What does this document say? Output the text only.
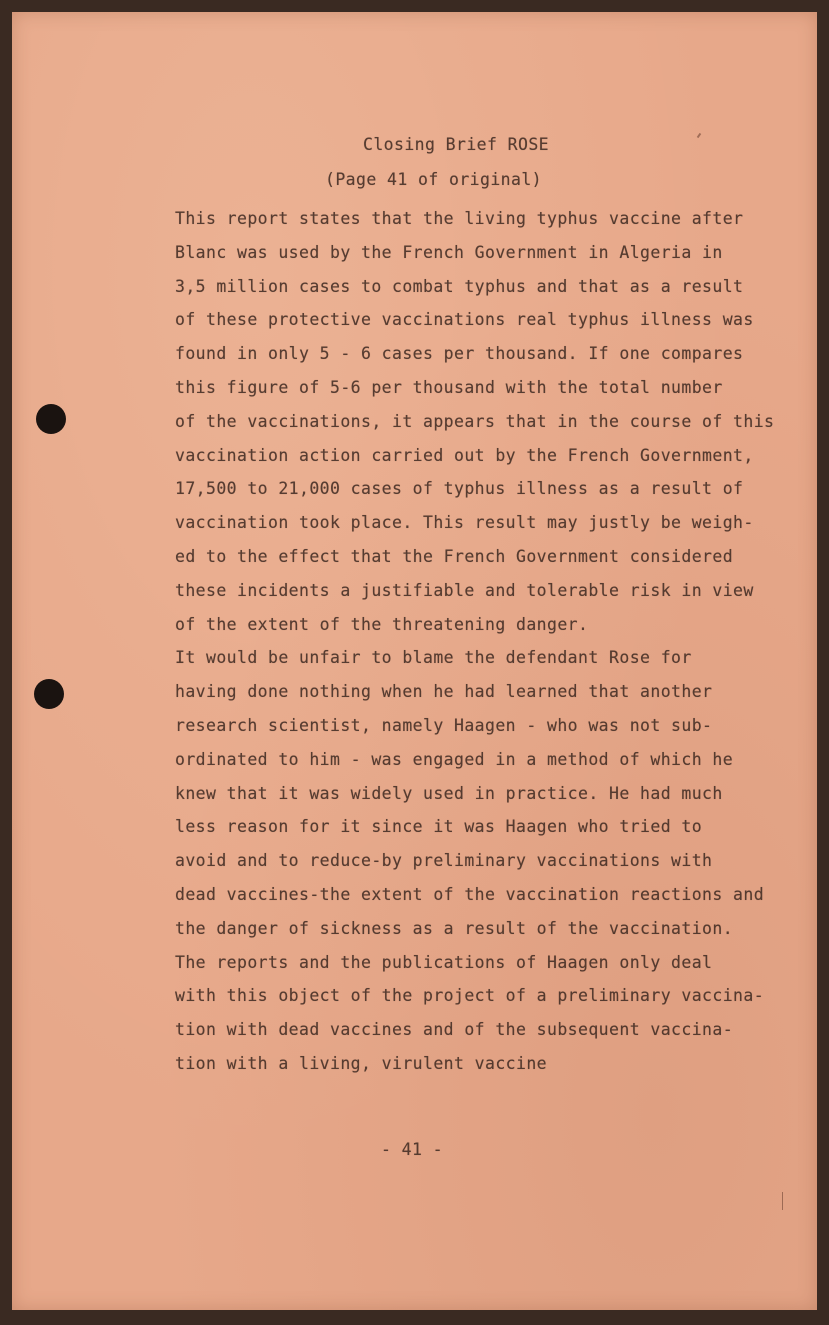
Closing Brief ROSE
(Page 41 of original)
This report states that the living typhus vaccine after
Blanc was used by the French Government in Algeria in
3,5 million cases to combat typhus and that as a result
of these protective vaccinations real typhus illness was
found in only 5 - 6 cases per thousand. If one compares
this figure of 5-6 per thousand with the total number
of the vaccinations, it appears that in the course of this
vaccination action carried out by the French Government,
17,500 to 21,000 cases of typhus illness as a result of
vaccination took place. This result may justly be weigh-
ed to the effect that the French Government considered
these incidents a justifiable and tolerable risk in view
of the extent of the threatening danger.
It would be unfair to blame the defendant Rose for
having done nothing when he had learned that another
research scientist, namely Haagen - who was not sub-
ordinated to him - was engaged in a method of which he
knew that it was widely used in practice. He had much
less reason for it since it was Haagen who tried to
avoid and to reduce-by preliminary vaccinations with
dead vaccines-the extent of the vaccination reactions and
the danger of sickness as a result of the vaccination.
The reports and the publications of Haagen only deal
with this object of the project of a preliminary vaccina-
tion with dead vaccines and of the subsequent vaccina-
tion with a living, virulent vaccine
- 41 -
